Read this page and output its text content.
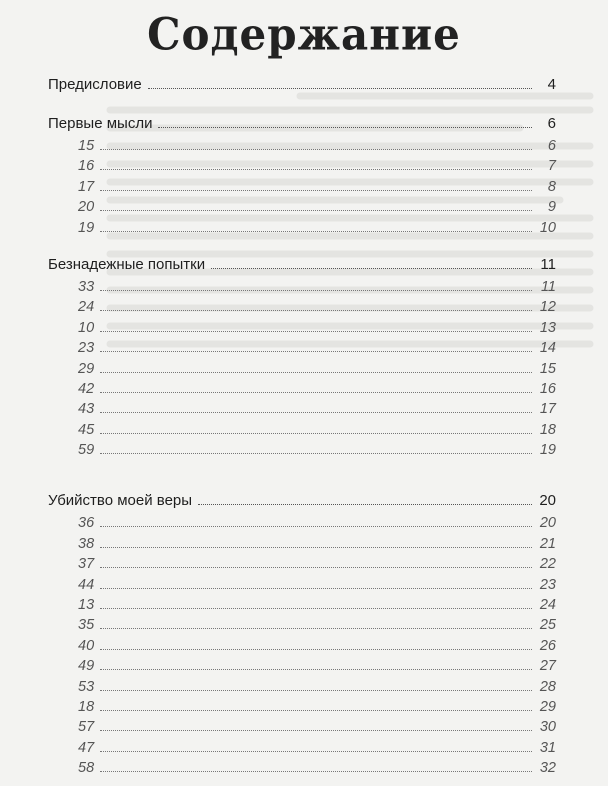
Содержание
Предисловие	4
Первые мысли	6
15	6
16	7
17	8
20	9
19	10
Безнадежные попытки	11
33	11
24	12
10	13
23	14
29	15
42	16
43	17
45	18
59	19
Убийство моей веры	20
36	20
38	21
37	22
44	23
13	24
35	25
40	26
49	27
53	28
18	29
57	30
47	31
58	32
